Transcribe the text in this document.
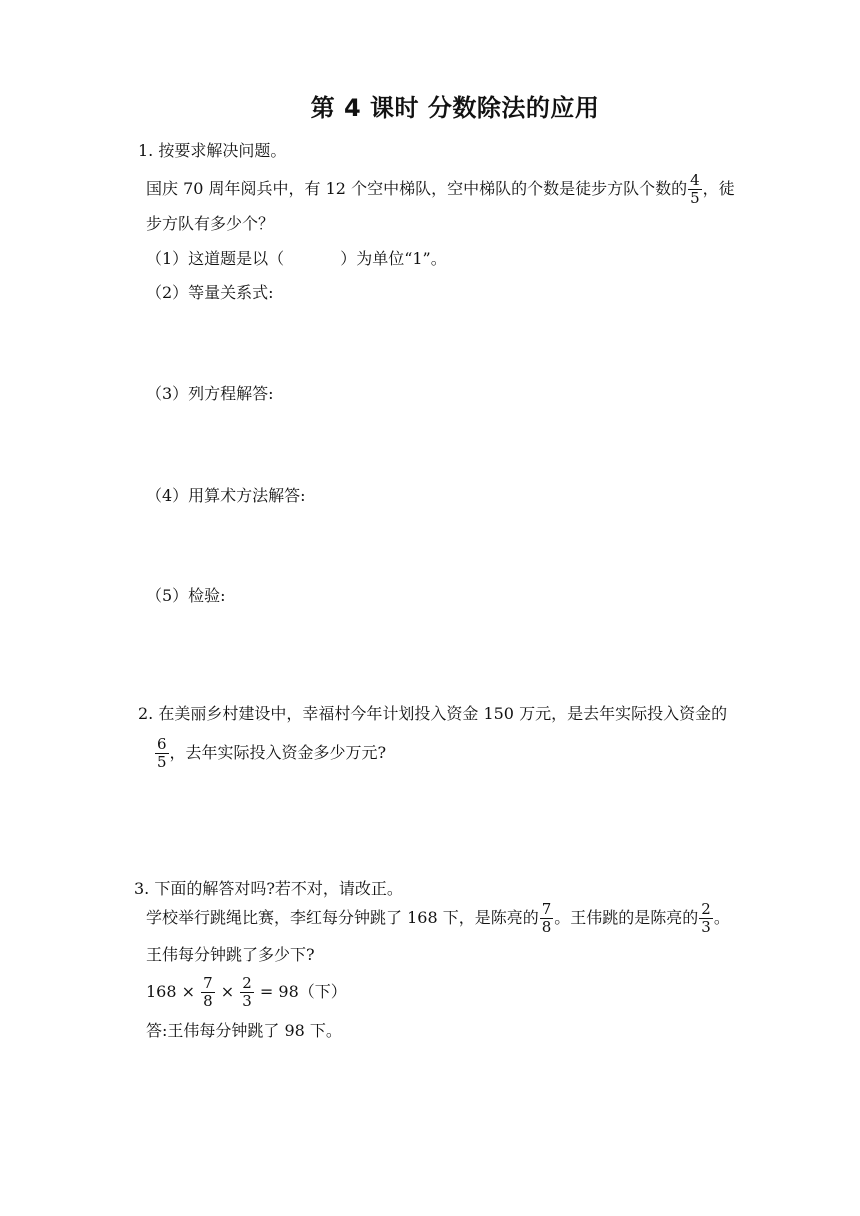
第 4 课时 分数除法的应用
1. 按要求解决问题。
国庆 70 周年阅兵中，有 12 个空中梯队，空中梯队的个数是徒步方队个数的 $\frac{4}{5}$ ，徒
步方队有多少个？
（1）这道题是以（	）为单位“1”。
（2）等量关系式:
（3）列方程解答:
（4）用算术方法解答:
（5）检验:
2. 在美丽乡村建设中，幸福村今年计划投入资金 150 万元，是去年实际投入资金的
$\frac{6}{5}$ ，去年实际投入资金多少万元?
3. 下面的解答对吗?若不对，请改正。
学校举行跳绳比赛，李红每分钟跳了 168 下，是陈亮的 $\frac{7}{8}$ 。王伟跳的是陈亮的 $\frac{2}{3}$ 。
王伟每分钟跳了多少下?
$168 \times \frac{7}{8} \times \frac{2}{3} = 98$（下）
答:王伟每分钟跳了 98 下。
